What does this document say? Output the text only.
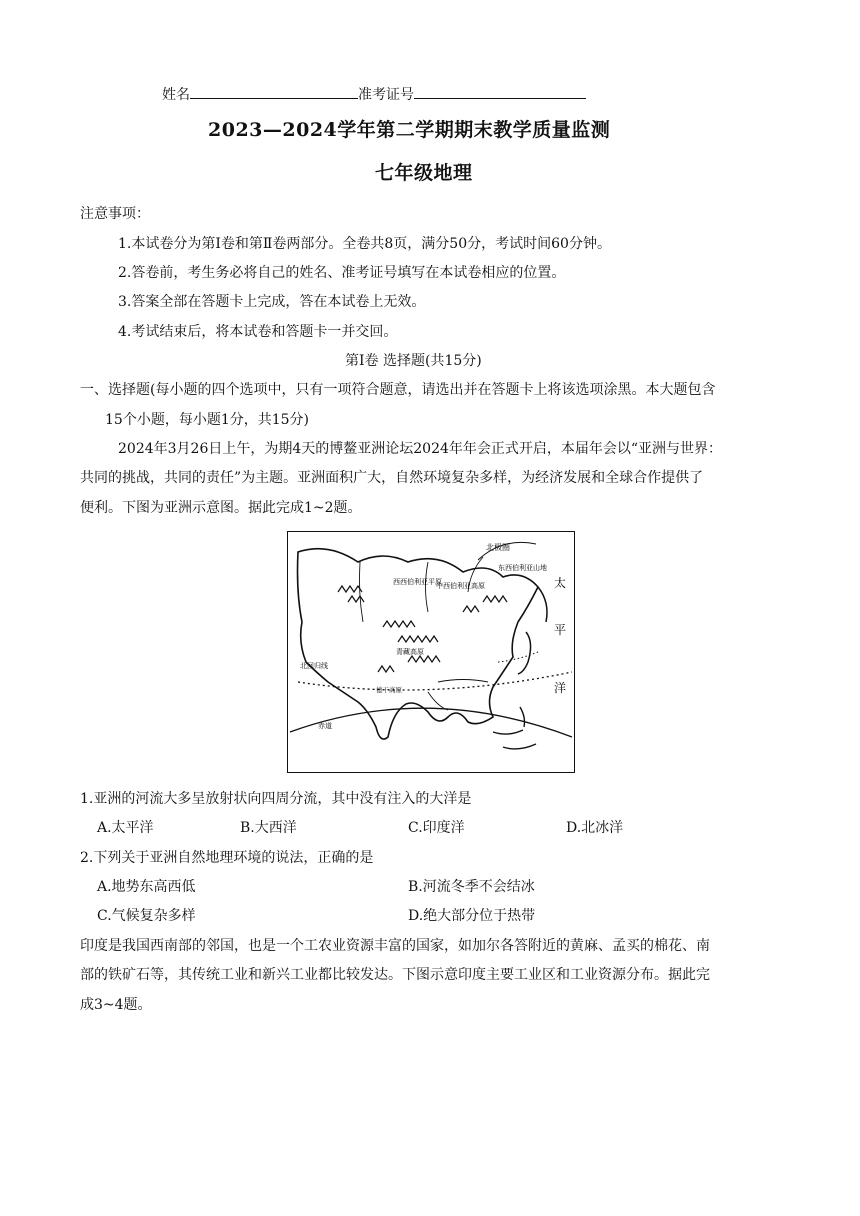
姓名	准考证号
2023—2024学年第二学期期末教学质量监测
七年级地理
注意事项：
1.本试卷分为第Ⅰ卷和第Ⅱ卷两部分。全卷共8页，满分50分，考试时间60分钟。
2.答卷前，考生务必将自己的姓名、准考证号填写在本试卷相应的位置。
3.答案全部在答题卡上完成，答在本试卷上无效。
4.考试结束后，将本试卷和答题卡一并交回。
第Ⅰ卷 选择题(共15分)
一、选择题(每小题的四个选项中，只有一项符合题意，请选出并在答题卡上将该选项涂黑。本大题包含
15个小题，每小题1分，共15分)
2024年3月26日上午，为期4天的博鳌亚洲论坛2024年年会正式开启，本届年会以“亚洲与世界：
共同的挑战，共同的责任”为主题。亚洲面积广大，自然环境复杂多样，为经济发展和全球合作提供了
便利。下图为亚洲示意图。据此完成1~2题。
北极圈
西西伯利亚平原
中西伯利亚高原
东西伯利亚山地
太
平
洋
青藏高原
北回归线
德干高原
赤道
1.亚洲的河流大多呈放射状向四周分流，其中没有注入的大洋是
A.太平洋	B.大西洋	C.印度洋	D.北冰洋
2.下列关于亚洲自然地理环境的说法，正确的是
A.地势东高西低	B.河流冬季不会结冰
C.气候复杂多样	D.绝大部分位于热带
印度是我国西南部的邻国，也是一个工农业资源丰富的国家，如加尔各答附近的黄麻、孟买的棉花、南
部的铁矿石等，其传统工业和新兴工业都比较发达。下图示意印度主要工业区和工业资源分布。据此完
成3~4题。
